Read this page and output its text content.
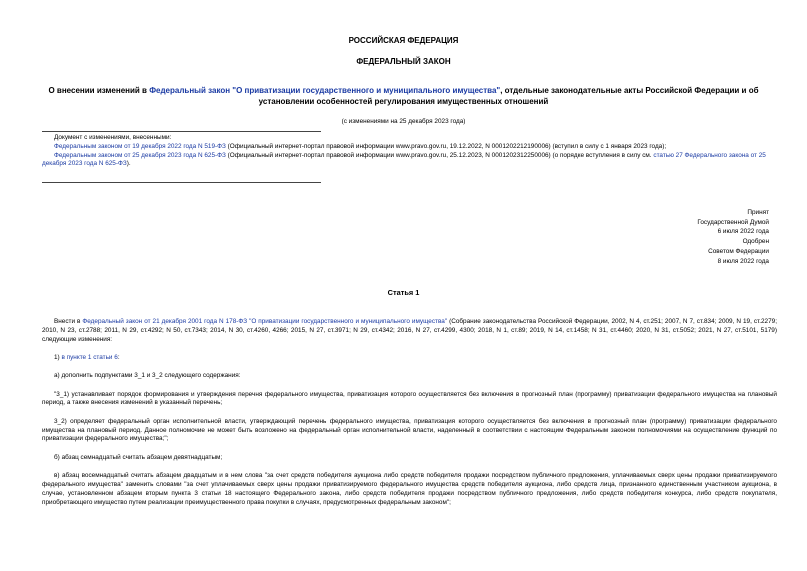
РОССИЙСКАЯ ФЕДЕРАЦИЯ
ФЕДЕРАЛЬНЫЙ ЗАКОН
О внесении изменений в Федеральный закон "О приватизации государственного и муниципального имущества", отдельные законодательные акты Российской Федерации и об установлении особенностей регулирования имущественных отношений
(с изменениями на 25 декабря 2023 года)

Документ с изменениями, внесенными:

Федеральным законом от 19 декабря 2022 года N 519-ФЗ (Официальный интернет-портал правовой информации www.pravo.gov.ru, 19.12.2022, N 0001202212190006) (вступил в силу с 1 января 2023 года);

Федеральным законом от 25 декабря 2023 года N 625-ФЗ (Официальный интернет-портал правовой информации www.pravo.gov.ru, 25.12.2023, N 0001202312250006) (о порядке вступления в силу см. статью 27 Федерального закона от 25 декабря 2023 года N 625-ФЗ).

Принят
Государственной Думой
6 июля 2022 года
Одобрен
Советом Федерации
8 июля 2022 года
Статья 1

Внести в Федеральный закон от 21 декабря 2001 года N 178-ФЗ "О приватизации государственного и муниципального имущества" (Собрание законодательства Российской Федерации, 2002, N 4, ст.251; 2007, N 7, ст.834; 2009, N 19, ст.2279; 2010, N 23, ст.2788; 2011, N 29, ст.4292; N 50, ст.7343; 2014, N 30, ст.4260, 4266; 2015, N 27, ст.3971; N 29, ст.4342; 2016, N 27, ст.4299, 4300; 2018, N 1, ст.89; 2019, N 14, ст.1458; N 31, ст.4460; 2020, N 31, ст.5052; 2021, N 27, ст.5101, 5179) следующие изменения:

1) в пункте 1 статьи 6:

а) дополнить подпунктами 3_1 и 3_2 следующего содержания:

"3_1) устанавливает порядок формирования и утверждения перечня федерального имущества, приватизация которого осуществляется без включения в прогнозный план (программу) приватизации федерального имущества на плановый период, а также внесения изменений в указанный перечень;

3_2) определяет федеральный орган исполнительной власти, утверждающий перечень федерального имущества, приватизация которого осуществляется без включения в прогнозный план (программу) приватизации федерального имущества на плановый период. Данное полномочие не может быть возложено на федеральный орган исполнительной власти, наделенный в соответствии с настоящим Федеральным законом полномочиями на осуществление функций по приватизации федерального имущества;";

б) абзац семнадцатый считать абзацем девятнадцатым;

в) абзац восемнадцатый считать абзацем двадцатым и в нем слова "за счет средств победителя аукциона либо средств победителя продажи посредством публичного предложения, уплачиваемых сверх цены продажи приватизируемого федерального имущества" заменить словами "за счет уплачиваемых сверх цены продажи приватизируемого федерального имущества средств победителя аукциона, либо средств лица, признанного единственным участником аукциона, в случае, установленном абзацем вторым пункта 3 статьи 18 настоящего Федерального закона, либо средств победителя продажи посредством публичного предложения, либо средств победителя конкурса, либо средств покупателя, приобретающего имущество путем реализации преимущественного права покупки в случаях, предусмотренных федеральным законом";
